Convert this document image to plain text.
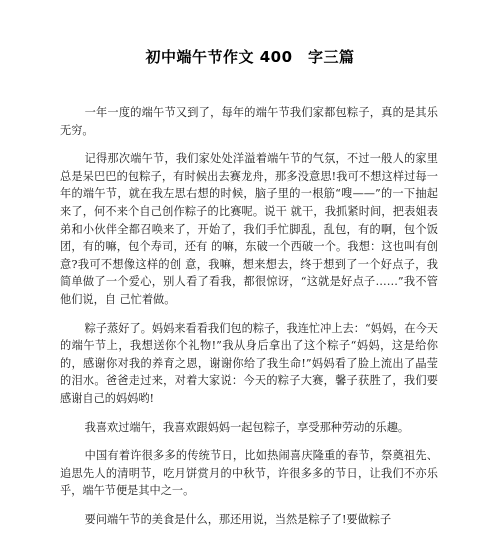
初中端午节作文 400　字三篇

一年一度的端午节又到了，每年的端午节我们家都包粽子，真的是其乐无穷。

记得那次端午节，我们家处处洋溢着端午节的气氛，不过一般人的家里总是呆巴巴的包粽子，有时候出去赛龙舟，那多没意思!我可不想这样过每一年的端午节，就在我左思右想的时候，脑子里的一根筋“嗖——”的一下抽起来了，何不来个自己创作粽子的比赛呢。说干 就干，我抓紧时间，把表姐表弟和小伙伴全都召唤来了，开始了，我们手忙脚乱，乱包，有的啊，包个饭团，有的嘛，包个寿司，还有 的嘛，东破一个西破一个。我想：这也叫有创意?我可不想像这样的创 意，我嘛，想来想去，终于想到了一个好点子，我简单做了一个爱心，别人看了看我，都很惊讶，“这就是好点子……”我不管他们说，自 己忙着做。

粽子蒸好了。妈妈来看看我们包的粽子，我连忙冲上去：“妈妈，在今天的端午节上，我想送你个礼物!”我从身后拿出了这个粽子“妈妈，这是给你的，感谢你对我的养育之恩，谢谢你给了我生命!”妈妈看了脸上流出了晶莹的泪水。爸爸走过来，对着大家说：今天的粽子大赛，馨子获胜了，我们要感谢自己的妈妈哟!

我喜欢过端午，我喜欢跟妈妈一起包粽子，享受那种劳动的乐趣。

中国有着许很多多的传统节日，比如热闹喜庆隆重的春节，祭奠祖先、追思先人的清明节，吃月饼赏月的中秋节，许很多多的节日，让我们不亦乐乎，端午节便是其中之一。

要问端午节的美食是什么，那还用说，当然是粽子了!要做粽子
